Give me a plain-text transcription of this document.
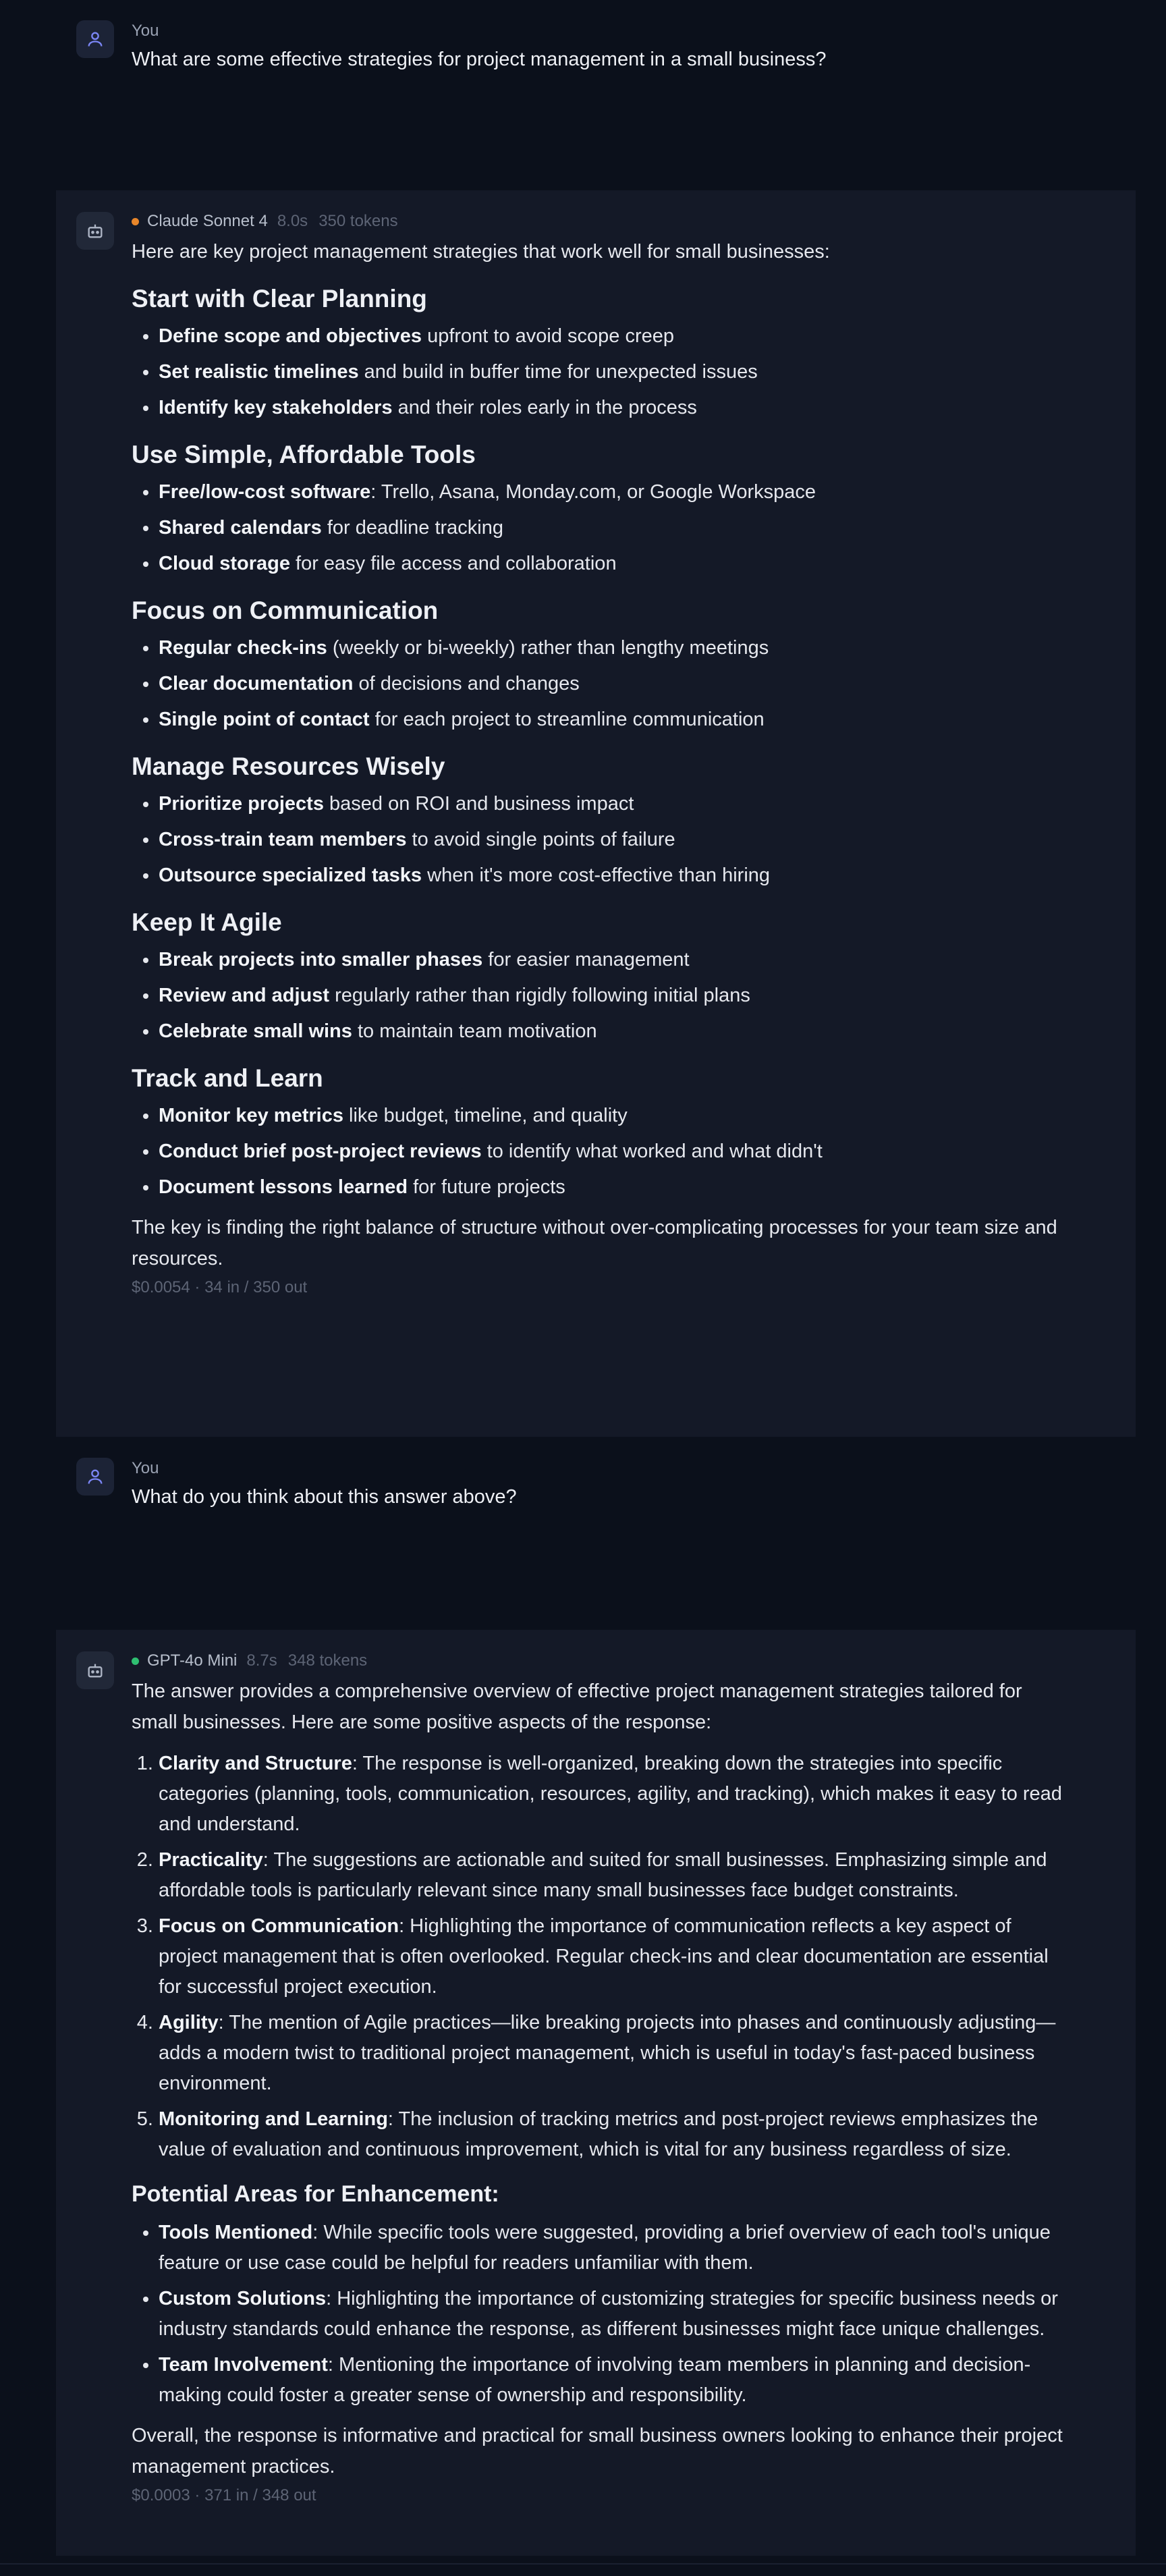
You
What are some effective strategies for project management in a small business?
Claude Sonnet 4 8.0s 350 tokens

Here are key project management strategies that work well for small businesses:

Start with Clear Planning
• Define scope and objectives upfront to avoid scope creep
• Set realistic timelines and build in buffer time for unexpected issues
• Identify key stakeholders and their roles early in the process
Use Simple, Affordable Tools
• Free/low-cost software: Trello, Asana, Monday.com, or Google Workspace
• Shared calendars for deadline tracking
• Cloud storage for easy file access and collaboration
Focus on Communication
• Regular check-ins (weekly or bi-weekly) rather than lengthy meetings
• Clear documentation of decisions and changes
• Single point of contact for each project to streamline communication
Manage Resources Wisely
• Prioritize projects based on ROI and business impact
• Cross-train team members to avoid single points of failure
• Outsource specialized tasks when it's more cost-effective than hiring
Keep It Agile
• Break projects into smaller phases for easier management
• Review and adjust regularly rather than rigidly following initial plans
• Celebrate small wins to maintain team motivation
Track and Learn
• Monitor key metrics like budget, timeline, and quality
• Conduct brief post-project reviews to identify what worked and what didn't
• Document lessons learned for future projects

The key is finding the right balance of structure without over-complicating processes for your team size and resources.

$0.0054 · 34 in / 350 out
You
What do you think about this answer above?
GPT-4o Mini 8.7s 348 tokens

The answer provides a comprehensive overview of effective project management strategies tailored for small businesses. Here are some positive aspects of the response:

1. Clarity and Structure: The response is well-organized, breaking down the strategies into specific categories (planning, tools, communication, resources, agility, and tracking), which makes it easy to read and understand.
2. Practicality: The suggestions are actionable and suited for small businesses. Emphasizing simple and affordable tools is particularly relevant since many small businesses face budget constraints.
3. Focus on Communication: Highlighting the importance of communication reflects a key aspect of project management that is often overlooked. Regular check-ins and clear documentation are essential for successful project execution.
4. Agility: The mention of Agile practices—like breaking projects into phases and continuously adjusting—adds a modern twist to traditional project management, which is useful in today's fast-paced business environment.
5. Monitoring and Learning: The inclusion of tracking metrics and post-project reviews emphasizes the value of evaluation and continuous improvement, which is vital for any business regardless of size.
Potential Areas for Enhancement:
• Tools Mentioned: While specific tools were suggested, providing a brief overview of each tool's unique feature or use case could be helpful for readers unfamiliar with them.
• Custom Solutions: Highlighting the importance of customizing strategies for specific business needs or industry standards could enhance the response, as different businesses might face unique challenges.
• Team Involvement: Mentioning the importance of involving team members in planning and decision-making could foster a greater sense of ownership and responsibility.

Overall, the response is informative and practical for small business owners looking to enhance their project management practices.

$0.0003 · 371 in / 348 out
